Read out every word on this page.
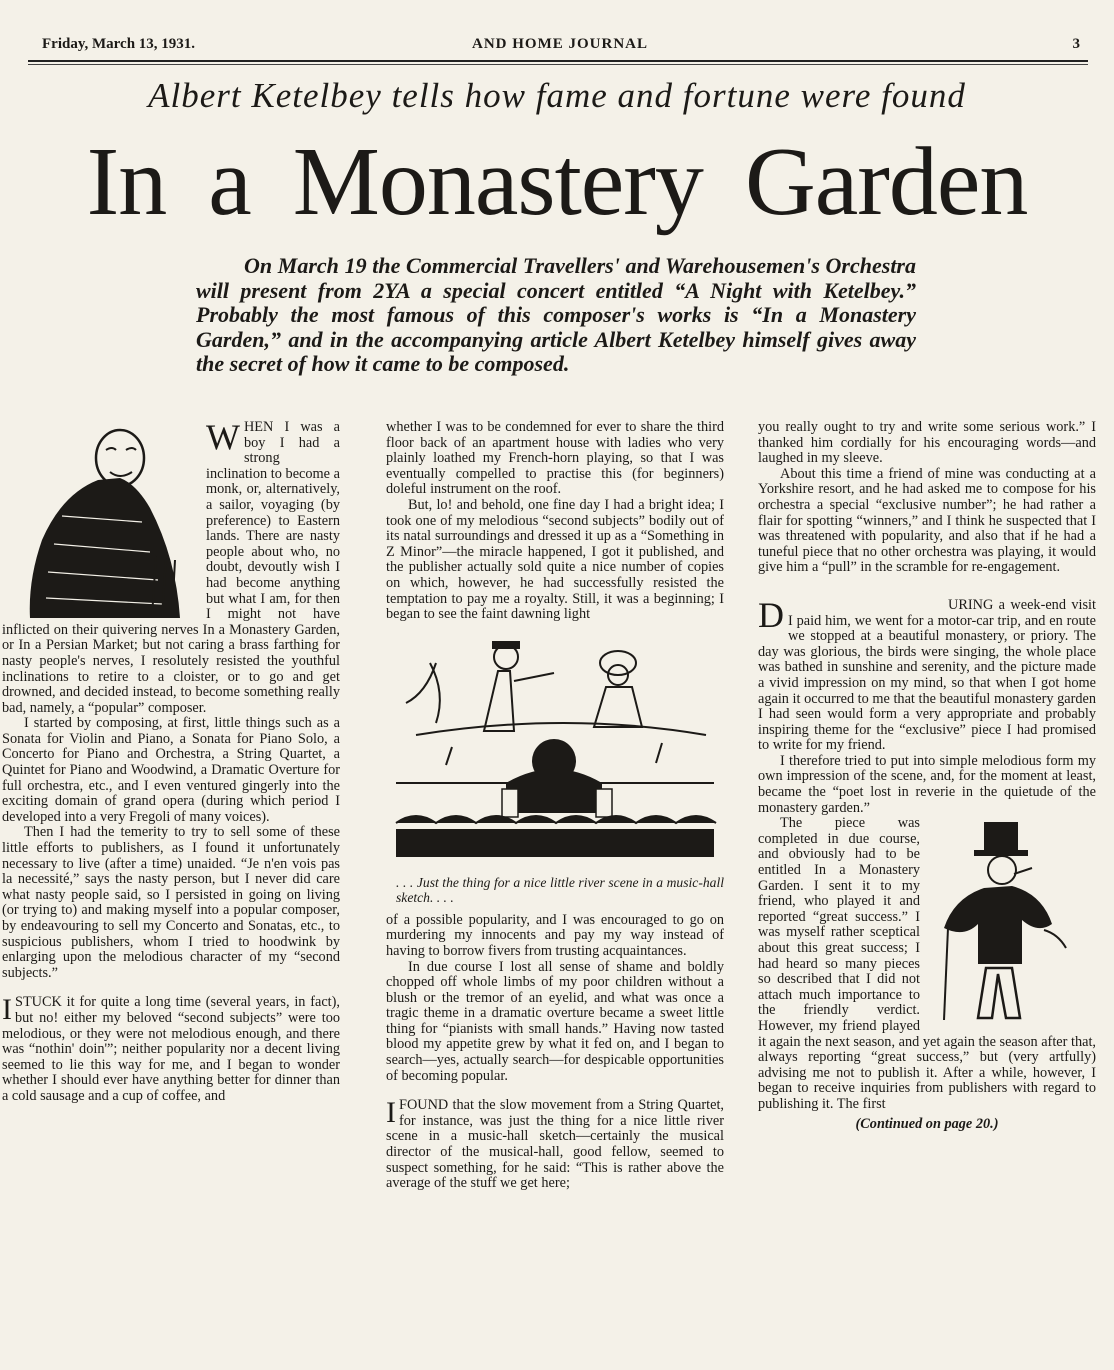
Friday, March 13, 1931.	AND HOME JOURNAL	3
Albert Ketelbey tells how fame and fortune were found
In a Monastery Garden

On March 19 the Commercial Travellers' and Warehousemen's Orchestra will present from 2YA a special concert entitled “A Night with Ketelbey.” Probably the most famous of this composer's works is “In a Monastery Garden,” and in the accompanying article Albert Ketelbey himself gives away the secret of how it came to be composed.

WHEN I was a boy I had a strong inclination to become a monk, or, alternatively, a sailor, voyaging (by preference) to Eastern lands. There are nasty people about who, no doubt, devoutly wish I had become anything but what I am, for then I might not have inflicted on their quivering nerves In a Monastery Garden, or In a Persian Market; but not caring a brass farthing for nasty people's nerves, I resolutely resisted the youthful inclinations to retire to a cloister, or to go and get drowned, and decided instead, to become something really bad, namely, a “popular” composer.

I started by composing, at first, little things such as a Sonata for Violin and Piano, a Sonata for Piano Solo, a Concerto for Piano and Orchestra, a String Quartet, a Quintet for Piano and Woodwind, a Dramatic Overture for full orchestra, etc., and I even ventured gingerly into the exciting domain of grand opera (during which period I developed into a very Fregoli of many voices).

Then I had the temerity to try to sell some of these little efforts to publishers, as I found it unfortunately necessary to live (after a time) unaided. “Je n'en vois pas la necessité,” says the nasty person, but I never did care what nasty people said, so I persisted in going on living (or trying to) and making myself into a popular composer, by endeavouring to sell my Concerto and Sonatas, etc., to suspicious publishers, whom I tried to hoodwink by enlarging upon the melodious character of my “second subjects.”

ISTUCK it for quite a long time (several years, in fact), but no! either my beloved “second subjects” were too melodious, or they were not melodious enough, and there was “nothin' doin'”; neither popularity nor a decent living seemed to lie this way for me, and I began to wonder whether I should ever have anything better for dinner than a cold sausage and a cup of coffee, and

whether I was to be condemned for ever to share the third floor back of an apartment house with ladies who very plainly loathed my French-horn playing, so that I was eventually compelled to practise this (for beginners) doleful instrument on the roof.

But, lo! and behold, one fine day I had a bright idea; I took one of my melodious “second subjects” bodily out of its natal surroundings and dressed it up as a “Something in Z Minor”—the miracle happened, I got it published, and the publisher actually sold quite a nice number of copies on which, however, he had successfully resisted the temptation to pay me a royalty. Still, it was a beginning; I began to see the faint dawning light

. . . Just the thing for a nice little river scene in a music-hall sketch. . . .

of a possible popularity, and I was encouraged to go on murdering my innocents and pay my way instead of having to borrow fivers from trusting acquaintances.

In due course I lost all sense of shame and boldly chopped off whole limbs of my poor children without a blush or the tremor of an eyelid, and what was once a tragic theme in a dramatic overture became a sweet little thing for “pianists with small hands.” Having now tasted blood my appetite grew by what it fed on, and I began to search—yes, actually search—for despicable opportunities of becoming popular.

IFOUND that the slow movement from a String Quartet, for instance, was just the thing for a nice little river scene in a music-hall sketch—certainly the musical director of the musical-hall, good fellow, seemed to suspect something, for he said: “This is rather above the average of the stuff we get here;

you really ought to try and write some serious work.” I thanked him cordially for his encouraging words—and laughed in my sleeve.

About this time a friend of mine was conducting at a Yorkshire resort, and he had asked me to compose for his orchestra a special “exclusive number”; he had rather a flair for spotting “winners,” and I think he suspected that I was threatened with popularity, and also that if he had a tuneful piece that no other orchestra was playing, it would give him a “pull” in the scramble for re-engagement.

D	URING a week-end visit I paid him, we went for a motor-car trip, and en route we stopped at a beautiful monastery, or priory. The day was glorious, the birds were singing, the whole place was bathed in sunshine and serenity, and the picture made a vivid impression on my mind, so that when I got home again it occurred to me that the beautiful monastery garden I had seen would form a very appropriate and probably inspiring theme for the “exclusive” piece I had promised to write for my friend.

I therefore tried to put into simple melodious form my own impression of the scene, and, for the moment at least, became the “poet lost in reverie in the quietude of the monastery garden.”

The piece was completed in due course, and obviously had to be entitled In a Monastery Garden. I sent it to my friend, who played it and reported “great success.” I was myself rather sceptical about this great success; I had heard so many pieces so described that I did not attach much importance to the friendly verdict. However, my friend played it again the next season, and yet again the season after that, always reporting “great success,” but (very artfully) advising me not to publish it. After a while, however, I began to receive inquiries from publishers with regard to publishing it. The first

(Continued on page 20.)
